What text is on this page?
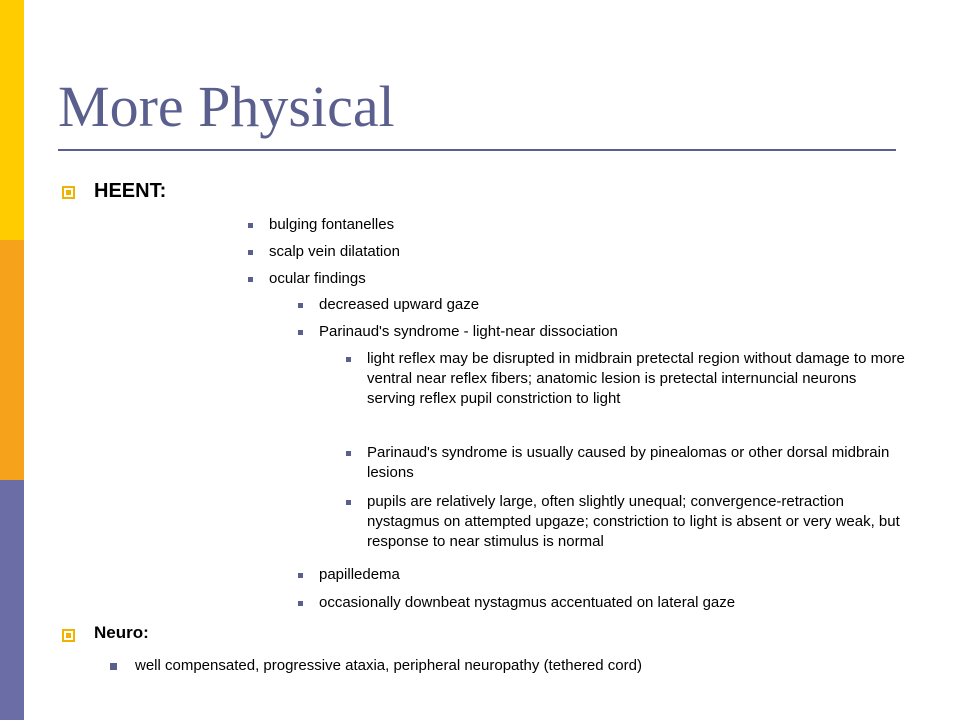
More Physical
HEENT:
bulging fontanelles
scalp vein dilatation
ocular findings
decreased upward gaze
Parinaud's syndrome - light-near dissociation
light reflex may be disrupted in midbrain pretectal region without damage to more ventral near reflex fibers; anatomic lesion is pretectal internuncial neurons serving reflex pupil constriction to light
Parinaud's syndrome is usually caused by pinealomas or other dorsal midbrain lesions
pupils are relatively large, often slightly unequal; convergence-retraction nystagmus on attempted upgaze; constriction to light is absent or very weak, but response to near stimulus is normal
papilledema
occasionally downbeat nystagmus accentuated on lateral gaze
Neuro:
well compensated, progressive ataxia, peripheral neuropathy (tethered cord)
